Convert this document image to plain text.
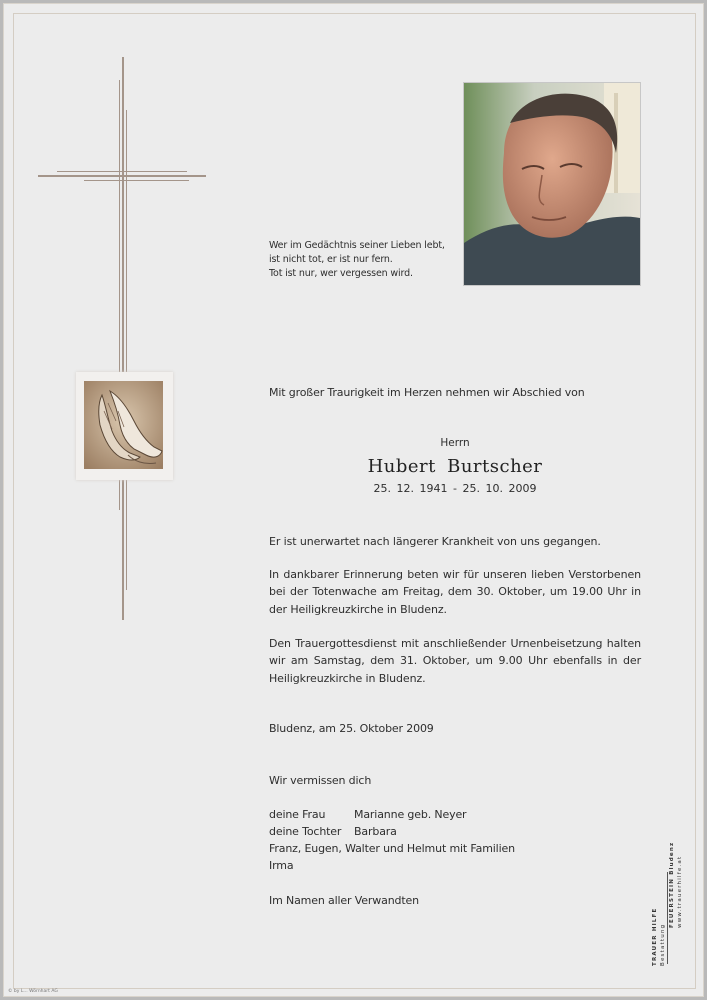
Wer im Gedächtnis seiner Lieben lebt,
ist nicht tot, er ist nur fern.
Tot ist nur, wer vergessen wird.
Mit großer Traurigkeit im Herzen nehmen wir Abschied von
Herrn
Hubert Burtscher
25. 12. 1941 - 25. 10. 2009
Er ist unerwartet nach längerer Krankheit von uns gegangen.
In dankbarer Erinnerung beten wir für unseren lieben Verstorbenen bei der Totenwache am Freitag, dem 30. Oktober, um 19.00 Uhr in der Heiligkreuzkirche in Bludenz.
Den Trauergottesdienst mit anschließender Urnenbeisetzung halten wir am Samstag, dem 31. Oktober, um 9.00 Uhr ebenfalls in der Heiligkreuzkirche in Bludenz.
Bludenz, am 25. Oktober 2009
Wir vermissen dich
deine Frau	Marianne geb. Neyer
deine Tochter Barbara
Franz, Eugen, Walter und Helmut mit Familien
Irma
Im Namen aller Verwandten
TRAUER HILFE Bestattung
FEUERSTEIN Bludenz www.trauerhilfe.at
© by L... Wörnhart AG
